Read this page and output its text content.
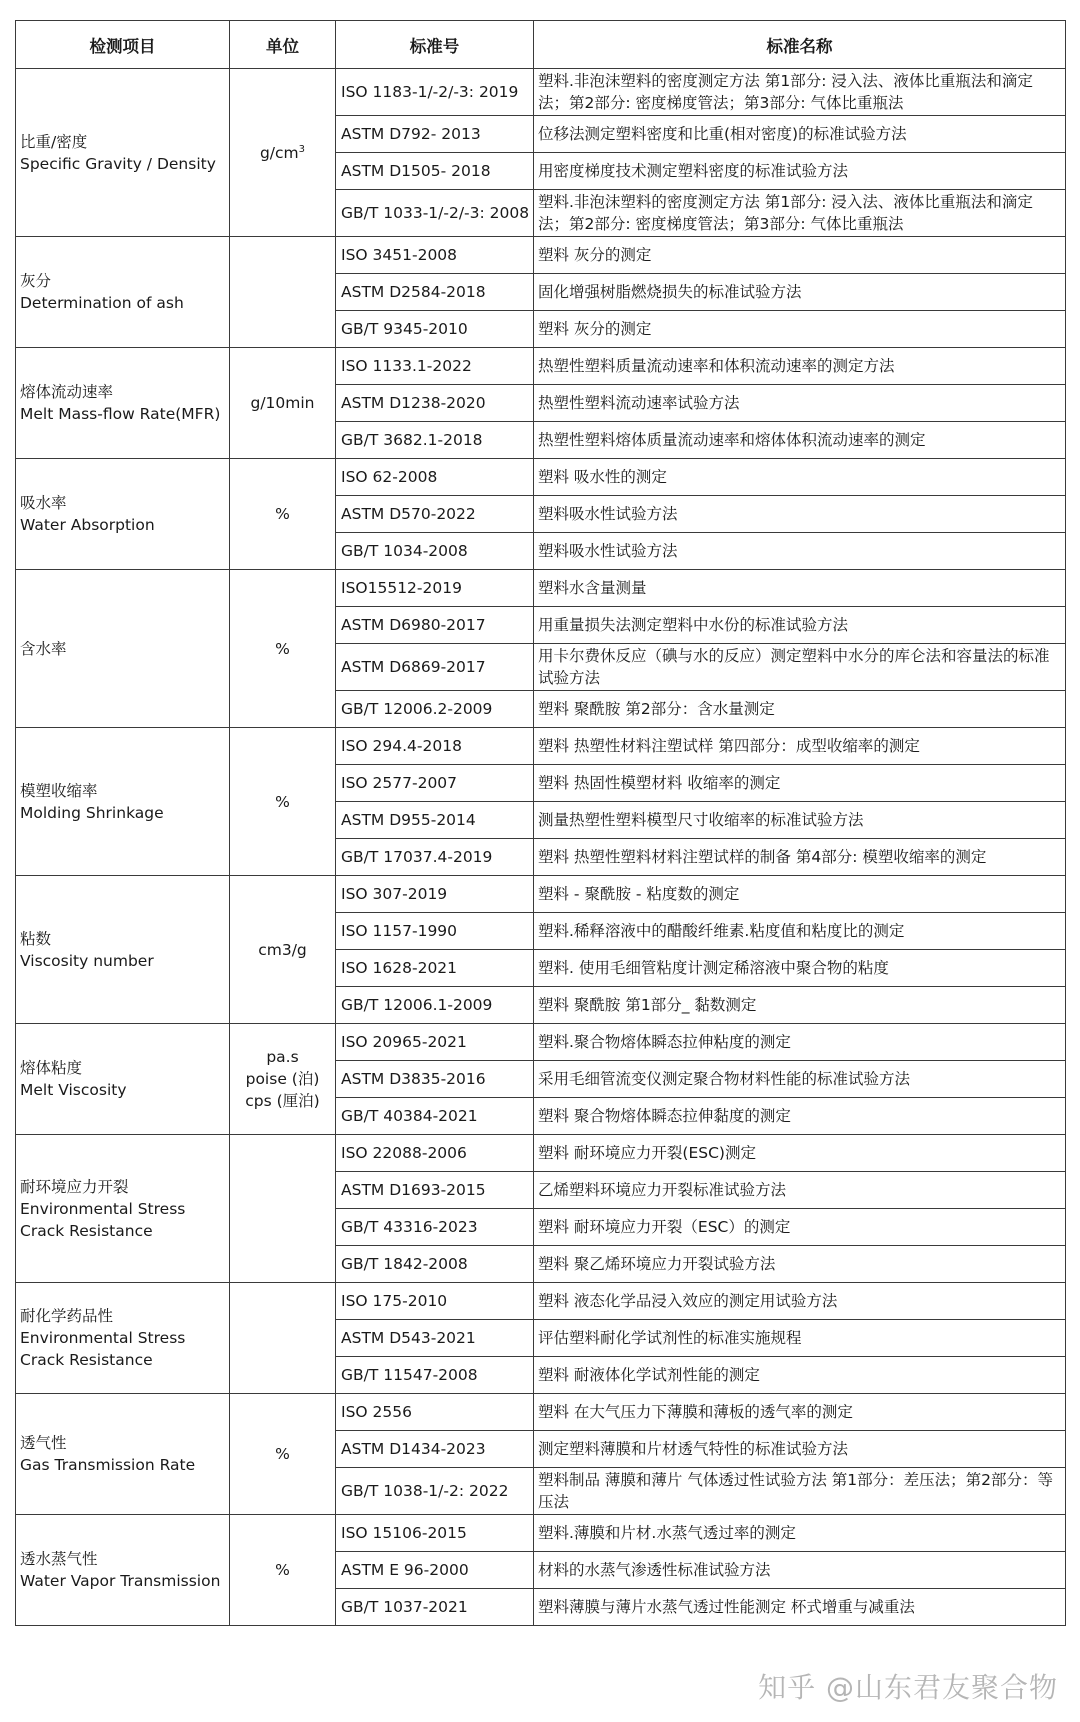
检测项目	单位	标准号	标准名称
比重/密度
Specific Gravity / Density	$g/cm^3$	ISO 1183-1/-2/-3: 2019	塑料.非泡沫塑料的密度测定方法 第1部分: 浸入法、液体比重瓶法和滴定法；第2部分: 密度梯度管法；第3部分: 气体比重瓶法
		ASTM D792- 2013	位移法测定塑料密度和比重(相对密度)的标准试验方法
		ASTM D1505- 2018	用密度梯度技术测定塑料密度的标准试验方法
		GB/T 1033-1/-2/-3: 2008	塑料.非泡沫塑料的密度测定方法 第1部分: 浸入法、液体比重瓶法和滴定法；第2部分: 密度梯度管法；第3部分: 气体比重瓶法
灰分
Determination of ash		ISO 3451-2008	塑料 灰分的测定
		ASTM D2584-2018	固化增强树脂燃烧损失的标准试验方法
		GB/T 9345-2010	塑料 灰分的测定
熔体流动速率
Melt Mass-flow Rate(MFR)	g/10min	ISO 1133.1-2022	热塑性塑料质量流动速率和体积流动速率的测定方法
		ASTM D1238-2020	热塑性塑料流动速率试验方法
		GB/T 3682.1-2018	热塑性塑料熔体质量流动速率和熔体体积流动速率的测定
吸水率
Water Absorption	%	ISO 62-2008	塑料 吸水性的测定
		ASTM D570-2022	塑料吸水性试验方法
		GB/T 1034-2008	塑料吸水性试验方法
含水率	%	ISO15512-2019	塑料水含量测量
		ASTM D6980-2017	用重量损失法测定塑料中水份的标准试验方法
		ASTM D6869-2017	用卡尔费休反应（碘与水的反应）测定塑料中水分的库仑法和容量法的标准试验方法
		GB/T 12006.2-2009	塑料 聚酰胺 第2部分：含水量测定
模塑收缩率
Molding Shrinkage	%	ISO 294.4-2018	塑料 热塑性材料注塑试样 第四部分：成型收缩率的测定
		ISO 2577-2007	塑料 热固性模塑材料 收缩率的测定
		ASTM D955-2014	测量热塑性塑料模型尺寸收缩率的标准试验方法
		GB/T 17037.4-2019	塑料 热塑性塑料材料注塑试样的制备 第4部分: 模塑收缩率的测定
粘数
Viscosity number	cm3/g	ISO 307-2019	塑料 - 聚酰胺 - 粘度数的测定
		ISO 1157-1990	塑料.稀释溶液中的醋酸纤维素.粘度值和粘度比的测定
		ISO 1628-2021	塑料. 使用毛细管粘度计测定稀溶液中聚合物的粘度
		GB/T 12006.1-2009	塑料 聚酰胺 第1部分_ 黏数测定
熔体粘度
Melt Viscosity	pa.s
poise (泊)
cps (厘泊)	ISO 20965-2021	塑料.聚合物熔体瞬态拉伸粘度的测定
		ASTM D3835-2016	采用毛细管流变仪测定聚合物材料性能的标准试验方法
		GB/T 40384-2021	塑料 聚合物熔体瞬态拉伸黏度的测定
耐环境应力开裂
Environmental Stress Crack Resistance		ISO 22088-2006	塑料 耐环境应力开裂(ESC)测定
		ASTM D1693-2015	乙烯塑料环境应力开裂标准试验方法
		GB/T 43316-2023	塑料 耐环境应力开裂（ESC）的测定
		GB/T 1842-2008	塑料 聚乙烯环境应力开裂试验方法
耐化学药品性
Environmental Stress Crack Resistance		ISO 175-2010	塑料 液态化学品浸入效应的测定用试验方法
		ASTM D543-2021	评估塑料耐化学试剂性的标准实施规程
		GB/T 11547-2008	塑料 耐液体化学试剂性能的测定
透气性
Gas Transmission Rate	%	ISO 2556	塑料 在大气压力下薄膜和薄板的透气率的测定
		ASTM D1434-2023	测定塑料薄膜和片材透气特性的标准试验方法
		GB/T 1038-1/-2: 2022	塑料制品 薄膜和薄片 气体透过性试验方法 第1部分：差压法；第2部分：等压法
透水蒸气性
Water Vapor Transmission	%	ISO 15106-2015	塑料.薄膜和片材.水蒸气透过率的测定
		ASTM E 96-2000	材料的水蒸气渗透性标准试验方法
		GB/T 1037-2021	塑料薄膜与薄片水蒸气透过性能测定 杯式增重与减重法
知乎 @山东君友聚合物
